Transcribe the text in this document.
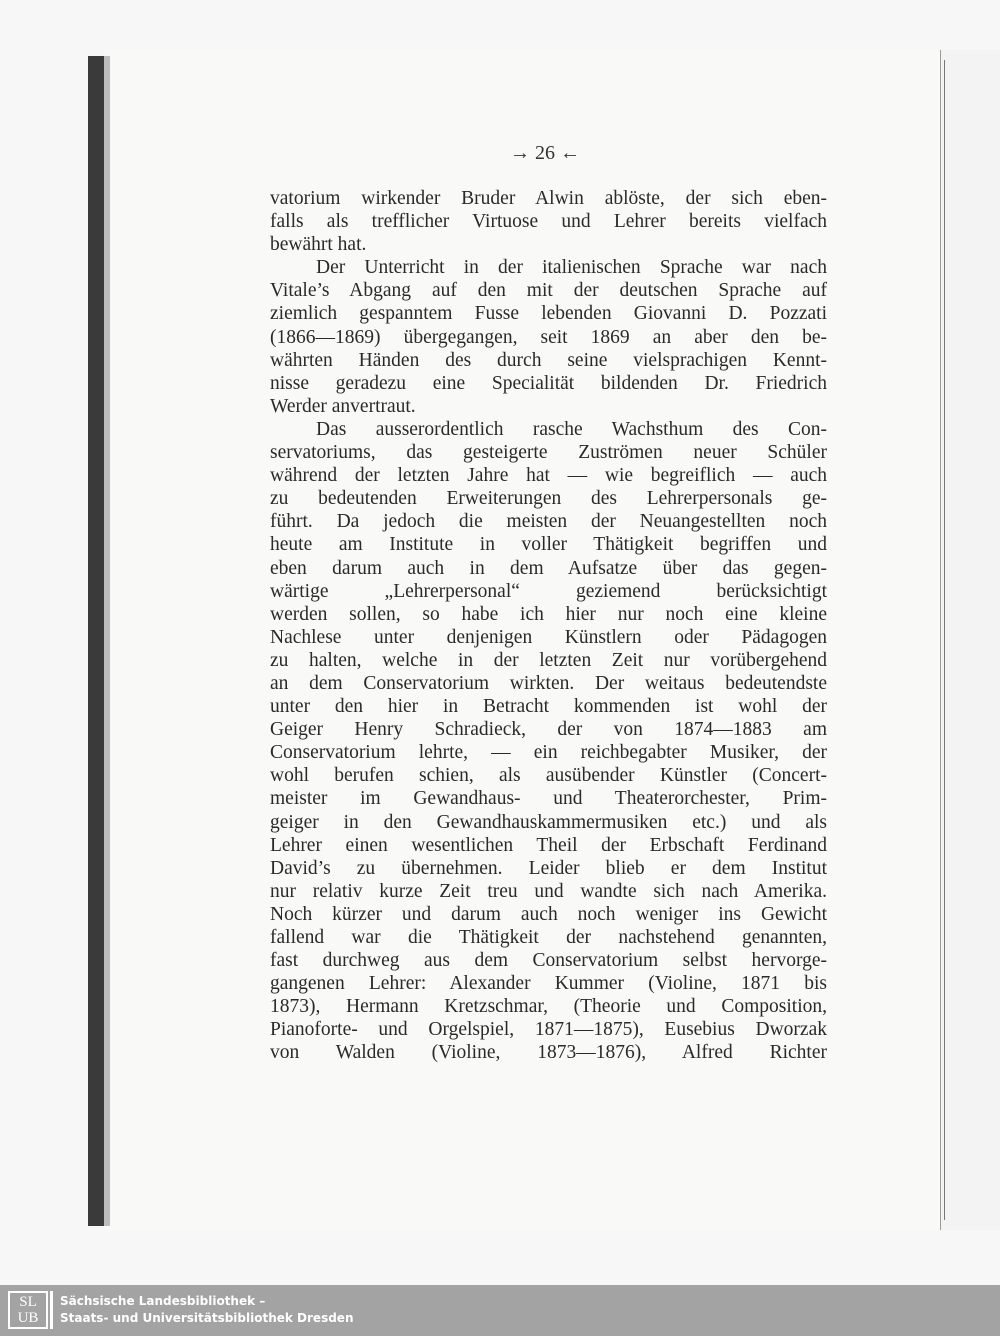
→ 26 ←
vatorium wirkender Bruder Alwin ablöste, der sich eben-
falls als trefflicher Virtuose und Lehrer bereits vielfach
bewährt hat.
Der Unterricht in der italienischen Sprache war nach
Vitale’s Abgang auf den mit der deutschen Sprache auf
ziemlich gespanntem Fusse lebenden Giovanni D. Pozzati
(1866—1869) übergegangen, seit 1869 an aber den be-
währten Händen des durch seine vielsprachigen Kennt-
nisse geradezu eine Specialität bildenden Dr. Friedrich
Werder anvertraut.
Das ausserordentlich rasche Wachsthum des Con-
servatoriums, das gesteigerte Zuströmen neuer Schüler
während der letzten Jahre hat — wie begreiflich — auch
zu bedeutenden Erweiterungen des Lehrerpersonals ge-
führt. Da jedoch die meisten der Neuangestellten noch
heute am Institute in voller Thätigkeit begriffen und
eben darum auch in dem Aufsatze über das gegen-
wärtige „Lehrerpersonal“ geziemend berücksichtigt
werden sollen, so habe ich hier nur noch eine kleine
Nachlese unter denjenigen Künstlern oder Pädagogen
zu halten, welche in der letzten Zeit nur vorübergehend
an dem Conservatorium wirkten. Der weitaus bedeutendste
unter den hier in Betracht kommenden ist wohl der
Geiger Henry Schradieck, der von 1874—1883 am
Conservatorium lehrte, — ein reichbegabter Musiker, der
wohl berufen schien, als ausübender Künstler (Concert-
meister im Gewandhaus- und Theaterorchester, Prim-
geiger in den Gewandhauskammermusiken etc.) und als
Lehrer einen wesentlichen Theil der Erbschaft Ferdinand
David’s zu übernehmen. Leider blieb er dem Institut
nur relativ kurze Zeit treu und wandte sich nach Amerika.
Noch kürzer und darum auch noch weniger ins Gewicht
fallend war die Thätigkeit der nachstehend genannten,
fast durchweg aus dem Conservatorium selbst hervorge-
gangenen Lehrer: Alexander Kummer (Violine, 1871 bis
1873), Hermann Kretzschmar, (Theorie und Composition,
Pianoforte- und Orgelspiel, 1871—1875), Eusebius Dworzak
von Walden (Violine, 1873—1876), Alfred Richter
SL
UB
Sächsische Landesbibliothek –
Staats- und Universitätsbibliothek Dresden
